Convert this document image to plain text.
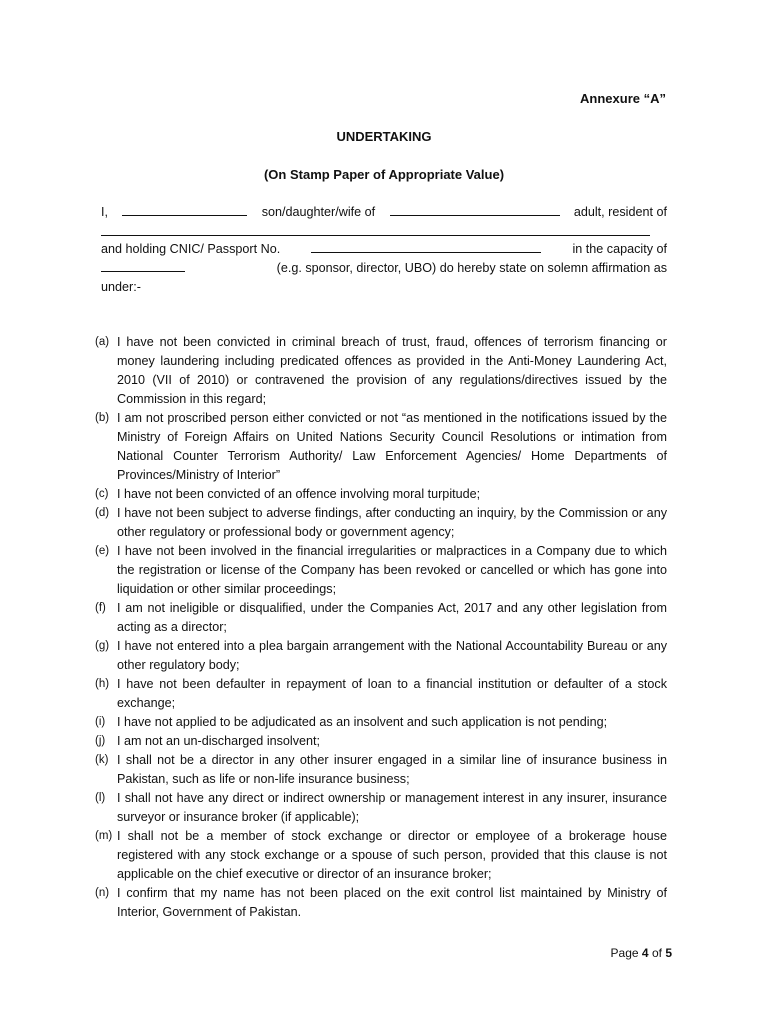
Annexure “A”
UNDERTAKING
(On Stamp Paper of Appropriate Value)
I,	son/daughter/wife of	adult, resident of
and holding CNIC/ Passport No.	in the capacity of
(e.g. sponsor, director, UBO) do hereby state on solemn affirmation as
under:-
(a) I have not been convicted in criminal breach of trust, fraud, offences of terrorism financing or money laundering including predicated offences as provided in the Anti-Money Laundering Act, 2010 (VII of 2010) or contravened the provision of any regulations/directives issued by the Commission in this regard;
(b) I am not proscribed person either convicted or not “as mentioned in the notifications issued by the Ministry of Foreign Affairs on United Nations Security Council Resolutions or intimation from National Counter Terrorism Authority/ Law Enforcement Agencies/ Home Departments of Provinces/Ministry of Interior”
(c) I have not been convicted of an offence involving moral turpitude;
(d) I have not been subject to adverse findings, after conducting an inquiry, by the Commission or any other regulatory or professional body or government agency;
(e) I have not been involved in the financial irregularities or malpractices in a Company due to which the registration or license of the Company has been revoked or cancelled or which has gone into liquidation or other similar proceedings;
(f) I am not ineligible or disqualified, under the Companies Act, 2017 and any other legislation from acting as a director;
(g) I have not entered into a plea bargain arrangement with the National Accountability Bureau or any other regulatory body;
(h) I have not been defaulter in repayment of loan to a financial institution or defaulter of a stock exchange;
(i) I have not applied to be adjudicated as an insolvent and such application is not pending;
(j) I am not an un-discharged insolvent;
(k) I shall not be a director in any other insurer engaged in a similar line of insurance business in Pakistan, such as life or non-life insurance business;
(l) I shall not have any direct or indirect ownership or management interest in any insurer, insurance surveyor or insurance broker (if applicable);
(m) I shall not be a member of stock exchange or director or employee of a brokerage house registered with any stock exchange or a spouse of such person, provided that this clause is not applicable on the chief executive or director of an insurance broker;
(n) I confirm that my name has not been placed on the exit control list maintained by Ministry of Interior, Government of Pakistan.
Page 4 of 5
